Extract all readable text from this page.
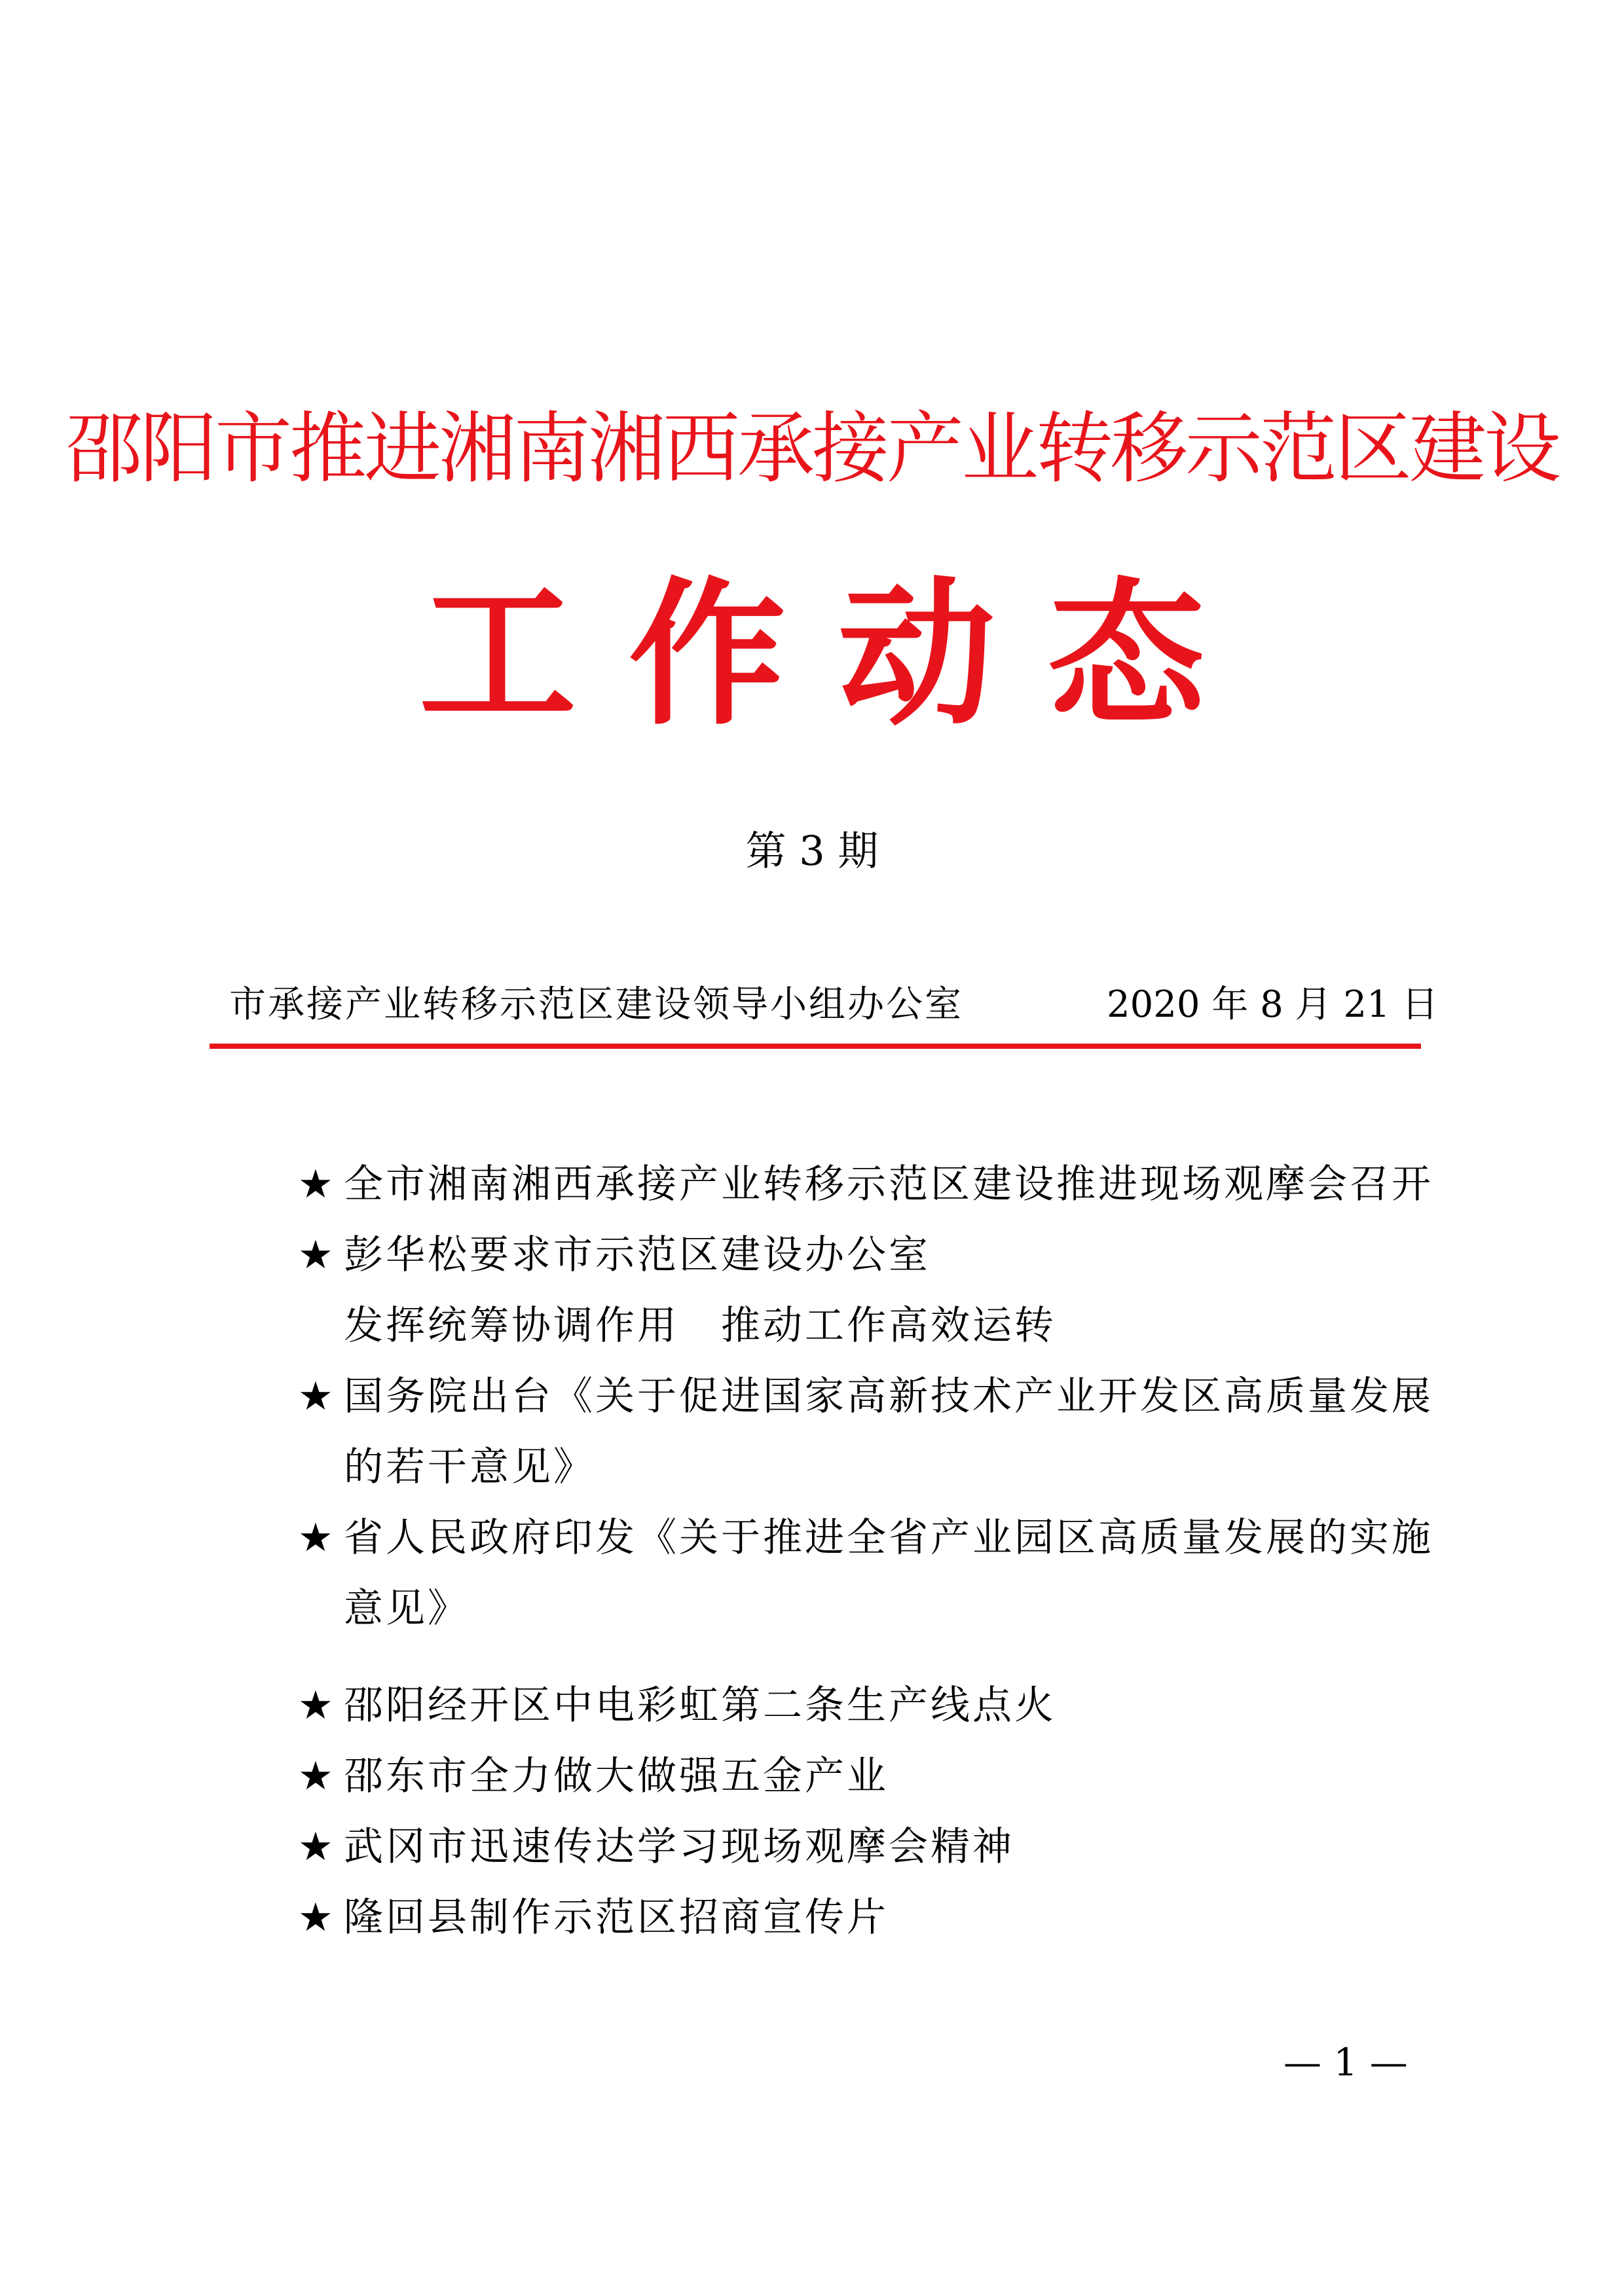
邵阳市推进湘南湘西承接产业转移示范区建设
工作动态
第 3 期
市承接产业转移示范区建设领导小组办公室	2020 年 8 月 21 日
★ 全市湘南湘西承接产业转移示范区建设推进现场观摩会召开
★ 彭华松要求市示范区建设办公室
发挥统筹协调作用　推动工作高效运转
★ 国务院出台《关于促进国家高新技术产业开发区高质量发展
的若干意见》
★ 省人民政府印发《关于推进全省产业园区高质量发展的实施
意见》
★ 邵阳经开区中电彩虹第二条生产线点火
★ 邵东市全力做大做强五金产业
★ 武冈市迅速传达学习现场观摩会精神
★ 隆回县制作示范区招商宣传片
— 1 —
